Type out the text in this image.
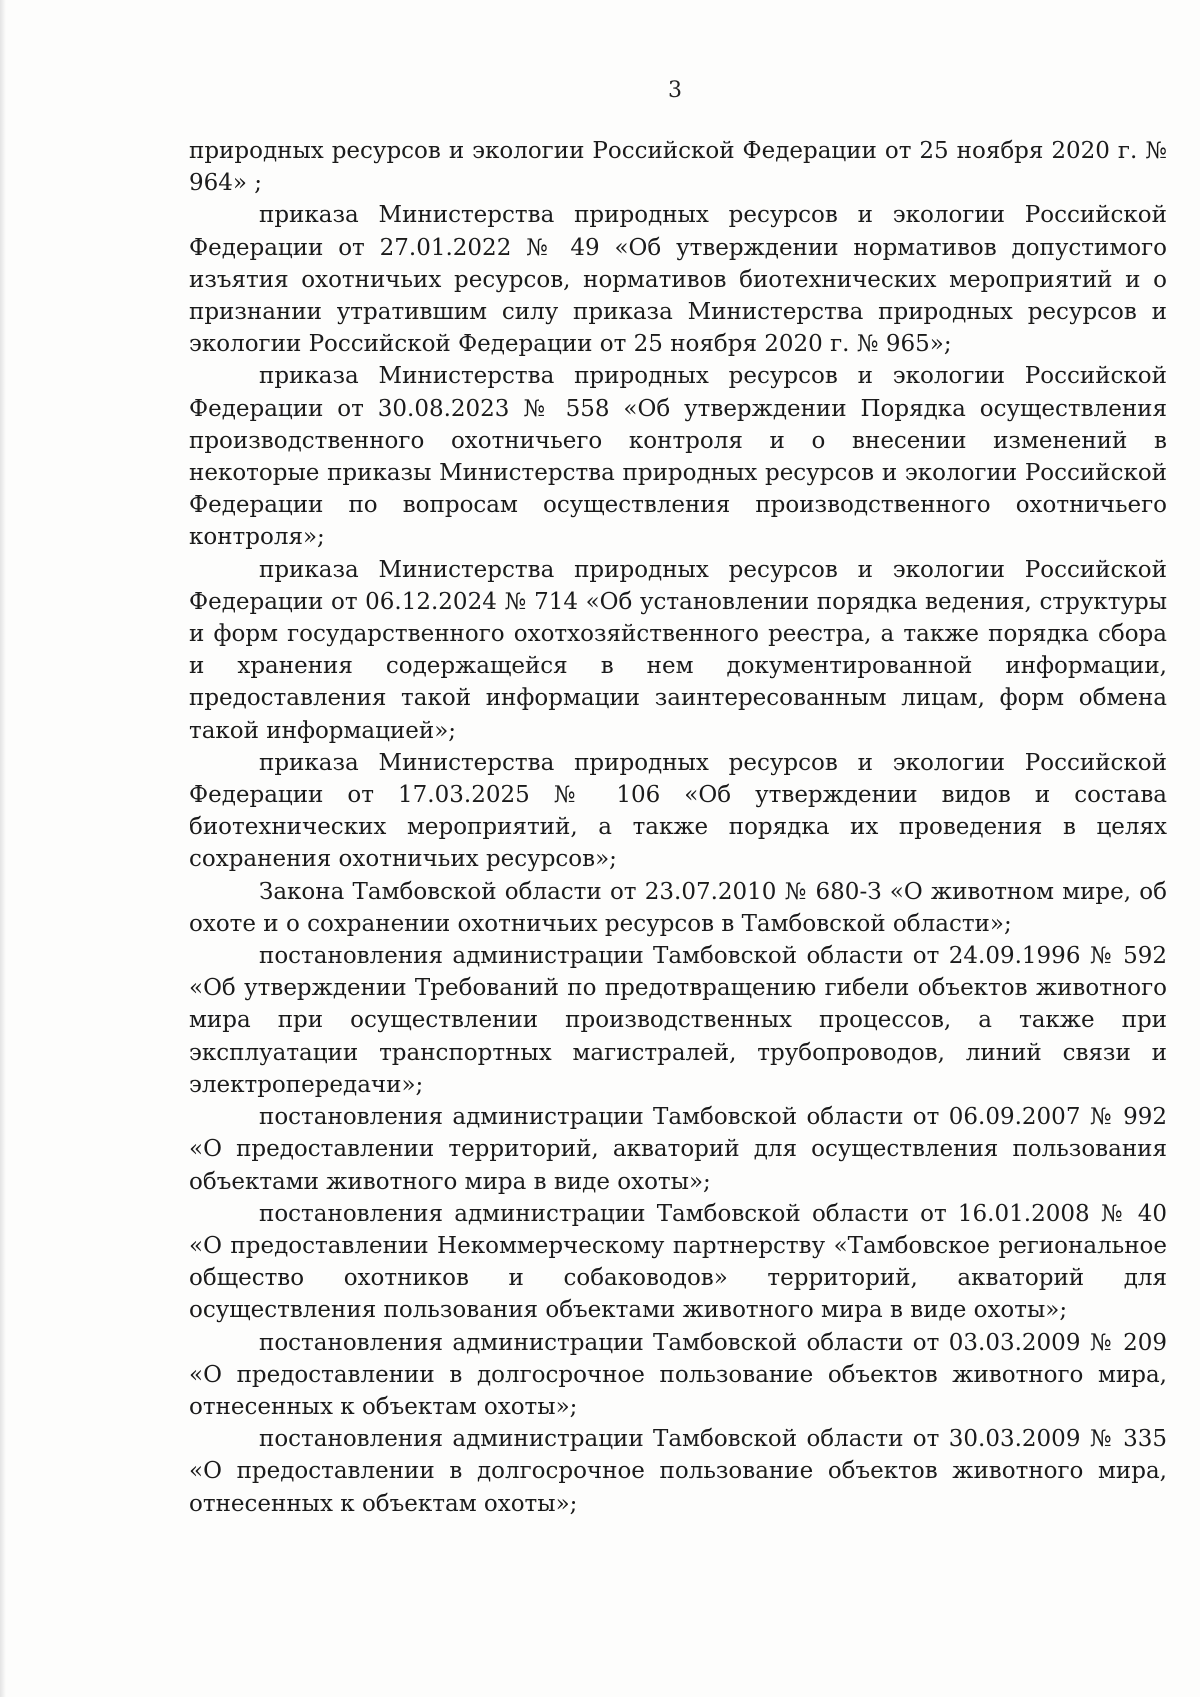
3

природных ресурсов и экологии Российской Федерации от 25 ноября 2020 г. № 964» ;

приказа Министерства природных ресурсов и экологии Российской Федерации от 27.01.2022 № 49 «Об утверждении нормативов допустимого изъятия охотничьих ресурсов, нормативов биотехнических мероприятий и о признании утратившим силу приказа Министерства природных ресурсов и экологии Российской Федерации от 25 ноября 2020 г. № 965»;

приказа Министерства природных ресурсов и экологии Российской Федерации от 30.08.2023 № 558 «Об утверждении Порядка осуществления производственного охотничьего контроля и о внесении изменений в некоторые приказы Министерства природных ресурсов и экологии Российской Федерации по вопросам осуществления производственного охотничьего контроля»;

приказа Министерства природных ресурсов и экологии Российской Федерации от 06.12.2024 № 714 «Об установлении порядка ведения, структуры и форм государственного охотхозяйственного реестра, а также порядка сбора и хранения содержащейся в нем документированной информации, предоставления такой информации заинтересованным лицам, форм обмена такой информацией»;

приказа Министерства природных ресурсов и экологии Российской Федерации от 17.03.2025 № 106 «Об утверждении видов и состава биотехнических мероприятий, а также порядка их проведения в целях сохранения охотничьих ресурсов»;

Закона Тамбовской области от 23.07.2010 № 680-З «О животном мире, об охоте и о сохранении охотничьих ресурсов в Тамбовской области»;

постановления администрации Тамбовской области от 24.09.1996 № 592 «Об утверждении Требований по предотвращению гибели объектов животного мира при осуществлении производственных процессов, а также при эксплуатации транспортных магистралей, трубопроводов, линий связи и электропередачи»;

постановления администрации Тамбовской области от 06.09.2007 № 992 «О предоставлении территорий, акваторий для осуществления пользования объектами животного мира в виде охоты»;

постановления администрации Тамбовской области от 16.01.2008 № 40 «О предоставлении Некоммерческому партнерству «Тамбовское региональное общество охотников и собаководов» территорий, акваторий для осуществления пользования объектами животного мира в виде охоты»;

постановления администрации Тамбовской области от 03.03.2009 № 209 «О предоставлении в долгосрочное пользование объектов животного мира, отнесенных к объектам охоты»;

постановления администрации Тамбовской области от 30.03.2009 № 335 «О предоставлении в долгосрочное пользование объектов животного мира, отнесенных к объектам охоты»;
